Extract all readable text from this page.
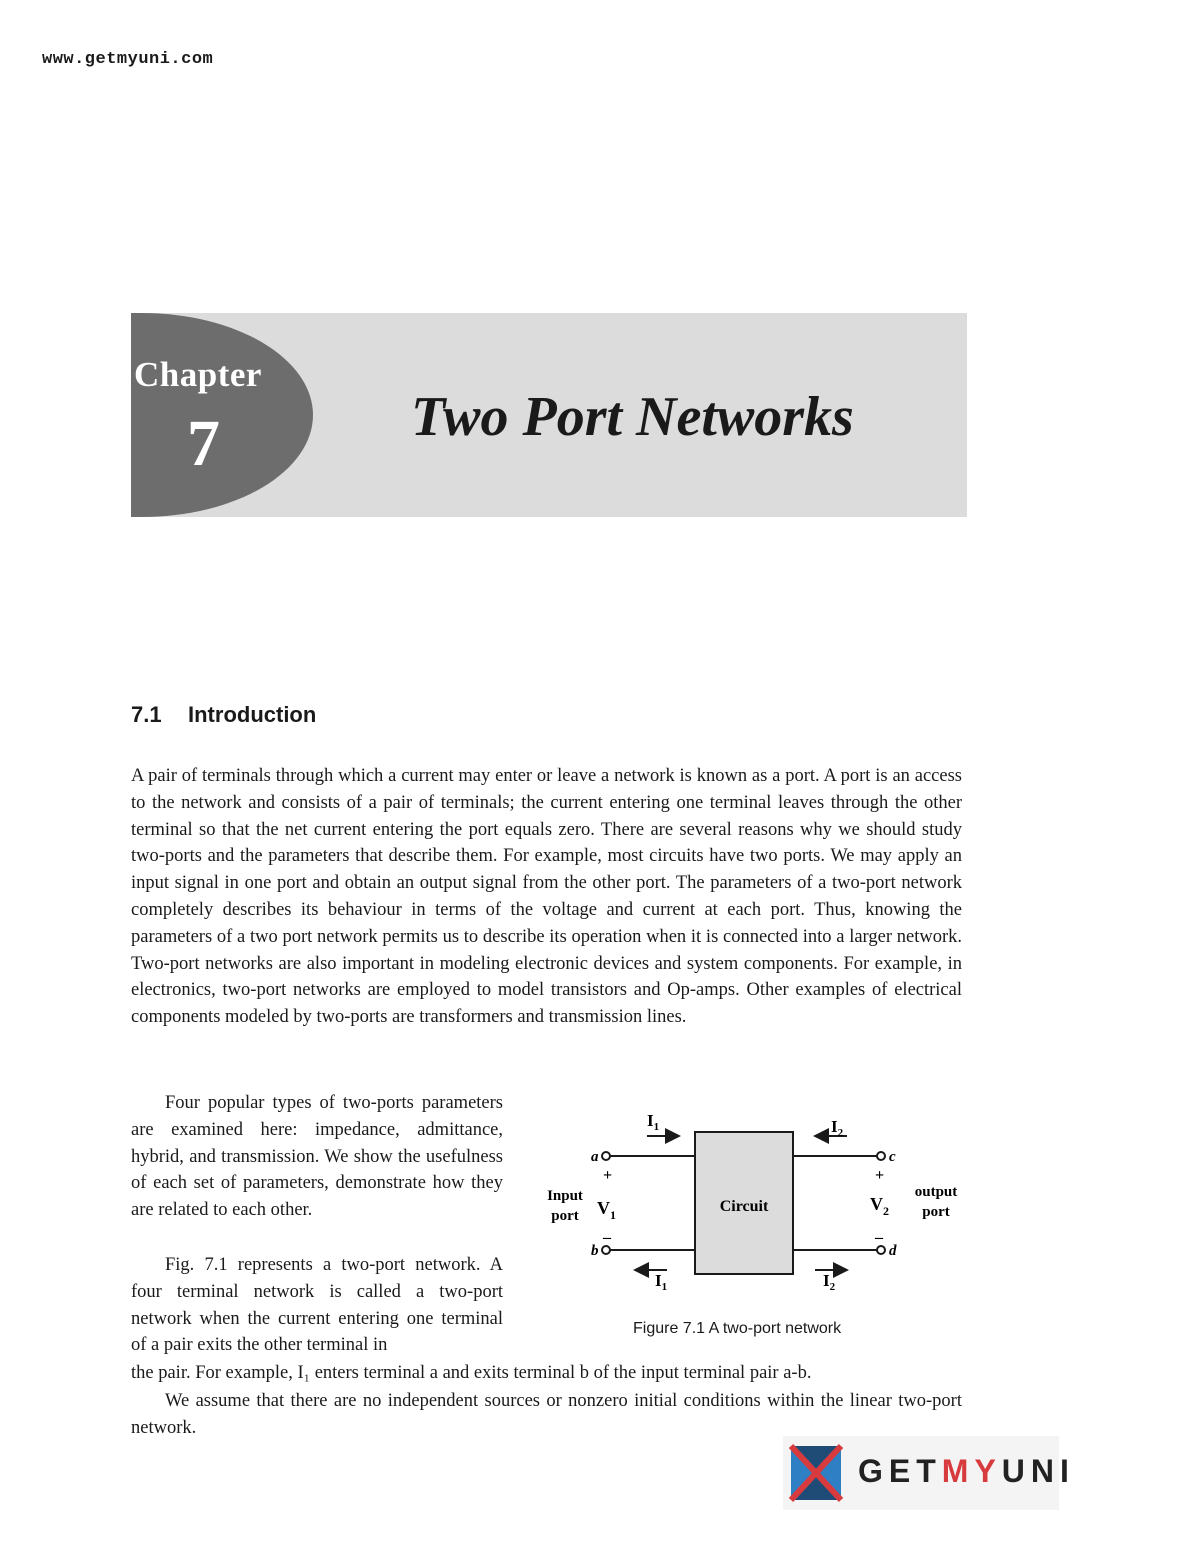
www.getmyuni.com
Chapter
7	Two Port Networks
7.1 Introduction

A pair of terminals through which a current may enter or leave a network is known as a port. A port is an access to the network and consists of a pair of terminals; the current entering one terminal leaves through the other terminal so that the net current entering the port equals zero. There are several reasons why we should study two-ports and the parameters that describe them. For example, most circuits have two ports. We may apply an input signal in one port and obtain an output signal from the other port. The parameters of a two-port network completely describes its behaviour in terms of the voltage and current at each port. Thus, knowing the parameters of a two port network permits us to describe its operation when it is connected into a larger network. Two-port networks are also important in modeling electronic devices and system components. For example, in electronics, two-port networks are employed to model transistors and Op-amps. Other examples of electrical components modeled by two-ports are transformers and transmission lines.

Four popular types of two-ports parameters are examined here: impedance, admittance, hybrid, and transmission. We show the usefulness of each set of parameters, demonstrate how they are related to each other.

Fig. 7.1 represents a two-port network. A four terminal network is called a two-port network when the current entering one terminal of a pair exits the other terminal in

the pair. For example, I₁ enters terminal a and exits terminal b of the input terminal pair a-b.

We assume that there are no independent sources or nonzero initial conditions within the linear two-port network.

Circuit
a
b
c
d
+
–
+
–
$V_1$
$V_2$
Input
port
output
port
$I_1$	$I_2$
$I_1$	$I_2$
Figure 7.1 A two-port network
GETMYUNI
